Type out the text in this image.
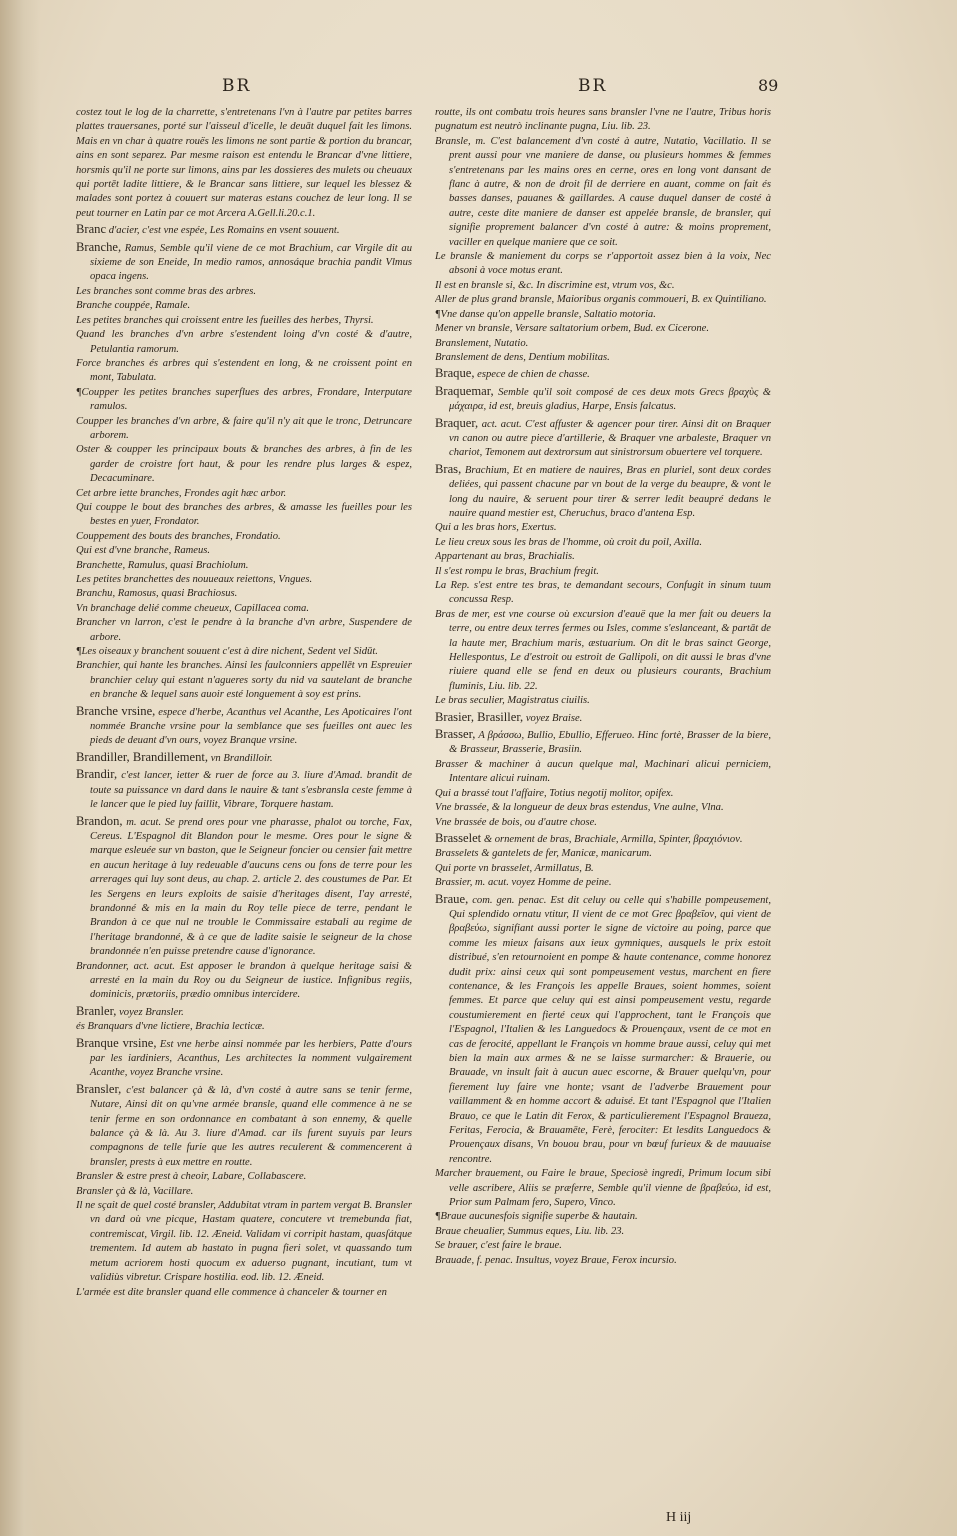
BR	BR	89

costez tout le log de la charrette, s'entretenans l'vn à l'autre par petites barres plattes trauersanes, porté sur l'aisseul d'icelle, le deuāt duquel fait les limons. Mais en vn char à quatre rouës les limons ne sont partie & portion du brancar, ains en sont separez. Par mesme raison est entendu le Brancar d'vne littiere, horsmis qu'il ne porte sur limons, ains par les dossieres des mulets ou cheuaux qui portēt ladite littiere, & le Brancar sans littiere, sur lequel les blessez & malades sont portez à couuert sur materas estans couchez de leur long. Il se peut tourner en Latin par ce mot Arcera A.Gell.li.20.c.1.

Branc d'acier, c'est vne espée, Les Romains en vsent souuent.

Branche, Ramus, Semble qu'il viene de ce mot Brachium, car Virgile dit au sixieme de son Eneide, In medio ramos, annosáque brachia pandit Vlmus opaca ingens.

Les branches sont comme bras des arbres.

Branche couppée, Ramale.

Les petites branches qui croissent entre les fueilles des herbes, Thyrsi.

Quand les branches d'vn arbre s'estendent loing d'vn costé & d'autre, Petulantia ramorum.

Force branches és arbres qui s'estendent en long, & ne croissent point en mont, Tabulata.

¶Coupper les petites branches superflues des arbres, Frondare, Interputare ramulos.

Coupper les branches d'vn arbre, & faire qu'il n'y ait que le tronc, Detruncare arborem.

Oster & coupper les principaux bouts & branches des arbres, à fin de les garder de croistre fort haut, & pour les rendre plus larges & espez, Decacuminare.

Cet arbre iette branches, Frondes agit hæc arbor.

Qui couppe le bout des branches des arbres, & amasse les fueilles pour les bestes en yuer, Frondator.

Couppement des bouts des branches, Frondatio.

Qui est d'vne branche, Rameus.

Branchette, Ramulus, quasi Brachiolum.

Les petites branchettes des nouueaux reiettons, Vngues.

Branchu, Ramosus, quasi Brachiosus.

Vn branchage delié comme cheueux, Capillacea coma.

Brancher vn larron, c'est le pendre à la branche d'vn arbre, Suspendere de arbore.

¶Les oiseaux y branchent souuent c'est à dire nichent, Sedent vel Sidūt.

Branchier, qui hante les branches. Ainsi les faulconniers appellēt vn Espreuier branchier celuy qui estant n'agueres sorty du nid va sautelant de branche en branche & lequel sans auoir esté longuement à soy est prins.

Branche vrsine, espece d'herbe, Acanthus vel Acanthe, Les Apoticaires l'ont nommée Branche vrsine pour la semblance que ses fueilles ont auec les pieds de deuant d'vn ours, voyez Branque vrsine.

Brandiller, Brandillement, vn Brandilloir.

Brandir, c'est lancer, ietter & ruer de force au 3. liure d'Amad. brandit de toute sa puissance vn dard dans le nauire & tant s'esbransla ceste femme à le lancer que le pied luy faillit, Vibrare, Torquere hastam.

Brandon, m. acut. Se prend ores pour vne pharasse, phalot ou torche, Fax, Cereus. L'Espagnol dit Blandon pour le mesme. Ores pour le signe & marque esleuée sur vn baston, que le Seigneur foncier ou censier fait mettre en aucun heritage à luy redeuable d'aucuns cens ou fons de terre pour les arrerages qui luy sont deus, au chap. 2. article 2. des coustumes de Par. Et les Sergens en leurs exploits de saisie d'heritages disent, I'ay arresté, brandonné & mis en la main du Roy telle piece de terre, pendant le Brandon à ce que nul ne trouble le Commissaire estabali au regime de l'heritage brandonné, & à ce que de ladite saisie le seigneur de la chose brandonnée n'en puisse pretendre cause d'ignorance.

Brandonner, act. acut. Est apposer le brandon à quelque heritage saisi & arresté en la main du Roy ou du Seigneur de iustice. Infignibus regiis, dominicis, prætoriis, prædio omnibus intercidere.

Branler, voyez Bransler.

és Branquars d'vne lictiere, Brachia lecticæ.

Branque vrsine, Est vne herbe ainsi nommée par les herbiers, Patte d'ours par les iardiniers, Acanthus, Les architectes la nomment vulgairement Acanthe, voyez Branche vrsine.

Bransler, c'est balancer çà & là, d'vn costé à autre sans se tenir ferme, Nutare, Ainsi dit on qu'vne armée bransle, quand elle commence à ne se tenir ferme en son ordonnance en combatant à son ennemy, & quelle balance çà & là. Au 3. liure d'Amad. car ils furent suyuis par leurs compagnons de telle furie que les autres reculerent & commencerent à bransler, prests à eux mettre en routte.

Bransler & estre prest à cheoir, Labare, Collabascere.

Bransler çà & là, Vacillare.

Il ne sçait de quel costé bransler, Addubitat vtram in partem vergat B. Bransler vn dard où vne picque, Hastam quatere, concutere vt tremebunda fiat, contremiscat, Virgil. lib. 12. Æneid. Validam vi corripit hastam, quasſátque trementem. Id autem ab hastato in pugna fieri solet, vt quassando tum metum acriorem hosti quocum ex aduerso pugnant, incutiant, tum vt validiùs vibretur. Crispare hostilia. eod. lib. 12. Æneid.

L'armée est dite bransler quand elle commence à chanceler & tourner en

routte, ils ont combatu trois heures sans bransler l'vne ne l'autre, Tribus horis pugnatum est neutrò inclinante pugna, Liu. lib. 23.

Bransle, m. C'est balancement d'vn costé à autre, Nutatio, Vacillatio. Il se prent aussi pour vne maniere de danse, ou plusieurs hommes & femmes s'entretenans par les mains ores en cerne, ores en long vont dansant de flanc à autre, & non de droit fil de derriere en auant, comme on fait és basses danses, pauanes & gaillardes. A cause duquel danser de costé à autre, ceste dite maniere de danser est appelée bransle, de bransler, qui signifie proprement balancer d'vn costé à autre: & moins proprement, vaciller en quelque maniere que ce soit.

Le bransle & maniement du corps se r'apportoit assez bien à la voix, Nec absoni à voce motus erant.

Il est en bransle si, &c. In discrimine est, vtrum vos, &c.

Aller de plus grand bransle, Maioribus organis commoueri, B. ex Quintiliano.

¶Vne danse qu'on appelle bransle, Saltatio motoria.

Mener vn bransle, Versare saltatorium orbem, Bud. ex Cicerone.

Branslement, Nutatio.

Branslement de dens, Dentium mobilitas.

Braque, espece de chien de chasse.

Braquemar, Semble qu'il soit composé de ces deux mots Grecs βραχὺς & μάχαιρα, id est, breuis gladius, Harpe, Ensis falcatus.

Braquer, act. acut. C'est affuster & agencer pour tirer. Ainsi dit on Braquer vn canon ou autre piece d'artillerie, & Braquer vne arbaleste, Braquer vn chariot, Temonem aut dextrorsum aut sinistrorsum obuertere vel torquere.

Bras, Brachium, Et en matiere de nauires, Bras en pluriel, sont deux cordes deliées, qui passent chacune par vn bout de la verge du beaupre, & vont le long du nauire, & seruent pour tirer & serrer ledit beaupré dedans le nauire quand mestier est, Cheruchus, braco d'antena Esp.

Qui a les bras hors, Exertus.

Le lieu creux sous les bras de l'homme, où croit du poil, Axilla.

Appartenant au bras, Brachialis.

Il s'est rompu le bras, Brachium fregit.

La Rep. s'est entre tes bras, te demandant secours, Confugit in sinum tuum concussa Resp.

Bras de mer, est vne course où excursion d'eauë que la mer fait ou deuers la terre, ou entre deux terres fermes ou Isles, comme s'eslanceant, & partāt de la haute mer, Brachium maris, æstuarium. On dit le bras sainct George, Hellespontus, Le d'estroit ou estroit de Gallipoli, on dit aussi le bras d'vne riuiere quand elle se fend en deux ou plusieurs courants, Brachium fluminis, Liu. lib. 22.

Le bras seculier, Magistratus ciuilis.

Brasier, Brasiller, voyez Braise.

Brasser, A βράσσω, Bullio, Ebullio, Efferueo. Hinc fortè, Brasser de la biere, & Brasseur, Brasserie, Brasiin.

Brasser & machiner à aucun quelque mal, Machinari alicui perniciem, Intentare alicui ruinam.

Qui a brassé tout l'affaire, Totius negotij molitor, opifex.

Vne brassée, & la longueur de deux bras estendus, Vne aulne, Vlna.

Vne brassée de bois, ou d'autre chose.

Brasselet & ornement de bras, Brachiale, Armilla, Spinter, βραχιόνιον.

Brasselets & gantelets de fer, Manicæ, manicarum.

Qui porte vn brasselet, Armillatus, B.

Brassier, m. acut. voyez Homme de peine.

Braue, com. gen. penac. Est dit celuy ou celle qui s'habille pompeusement, Qui splendido ornatu vtitur, Il vient de ce mot Grec βραβεῖον, qui vient de βραβεύω, signifiant aussi porter le signe de victoire au poing, parce que comme les mieux faisans aux ieux gymniques, ausquels le prix estoit distribué, s'en retournoient en pompe & haute contenance, comme honorez dudit prix: ainsi ceux qui sont pompeusement vestus, marchent en fiere contenance, & les François les appelle Braues, soient hommes, soient femmes. Et parce que celuy qui est ainsi pompeusement vestu, regarde coustumierement en fierté ceux qui l'approchent, tant le François que l'Espagnol, l'Italien & les Languedocs & Prouençaux, vsent de ce mot en cas de ferocité, appellant le François vn homme braue aussi, celuy qui met bien la main aux armes & ne se laisse surmarcher: & Brauerie, ou Brauade, vn insult fait à aucun auec escorne, & Brauer quelqu'vn, pour fierement luy faire vne honte; vsant de l'adverbe Brauement pour vaillamment & en homme accort & aduisé. Et tant l'Espagnol que l'Italien Brauo, ce que le Latin dit Ferox, & particulierement l'Espagnol Braueza, Feritas, Ferocia, & Brauamēte, Ferè, ferociter: Et lesdits Languedocs & Prouençaux disans, Vn bouou brau, pour vn bœuf furieux & de mauuaise rencontre.

Marcher brauement, ou Faire le braue, Speciosè ingredi, Primum locum sibi velle ascribere, Aliis se præferre, Semble qu'il vienne de βραβεύω, id est, Prior sum Palmam fero, Supero, Vinco.

¶Braue aucunesfois signifie superbe & hautain.

Braue cheualier, Summus eques, Liu. lib. 23.

Se brauer, c'est faire le braue.

Brauade, f. penac. Insultus, voyez Braue, Ferox incursio.

H iij
